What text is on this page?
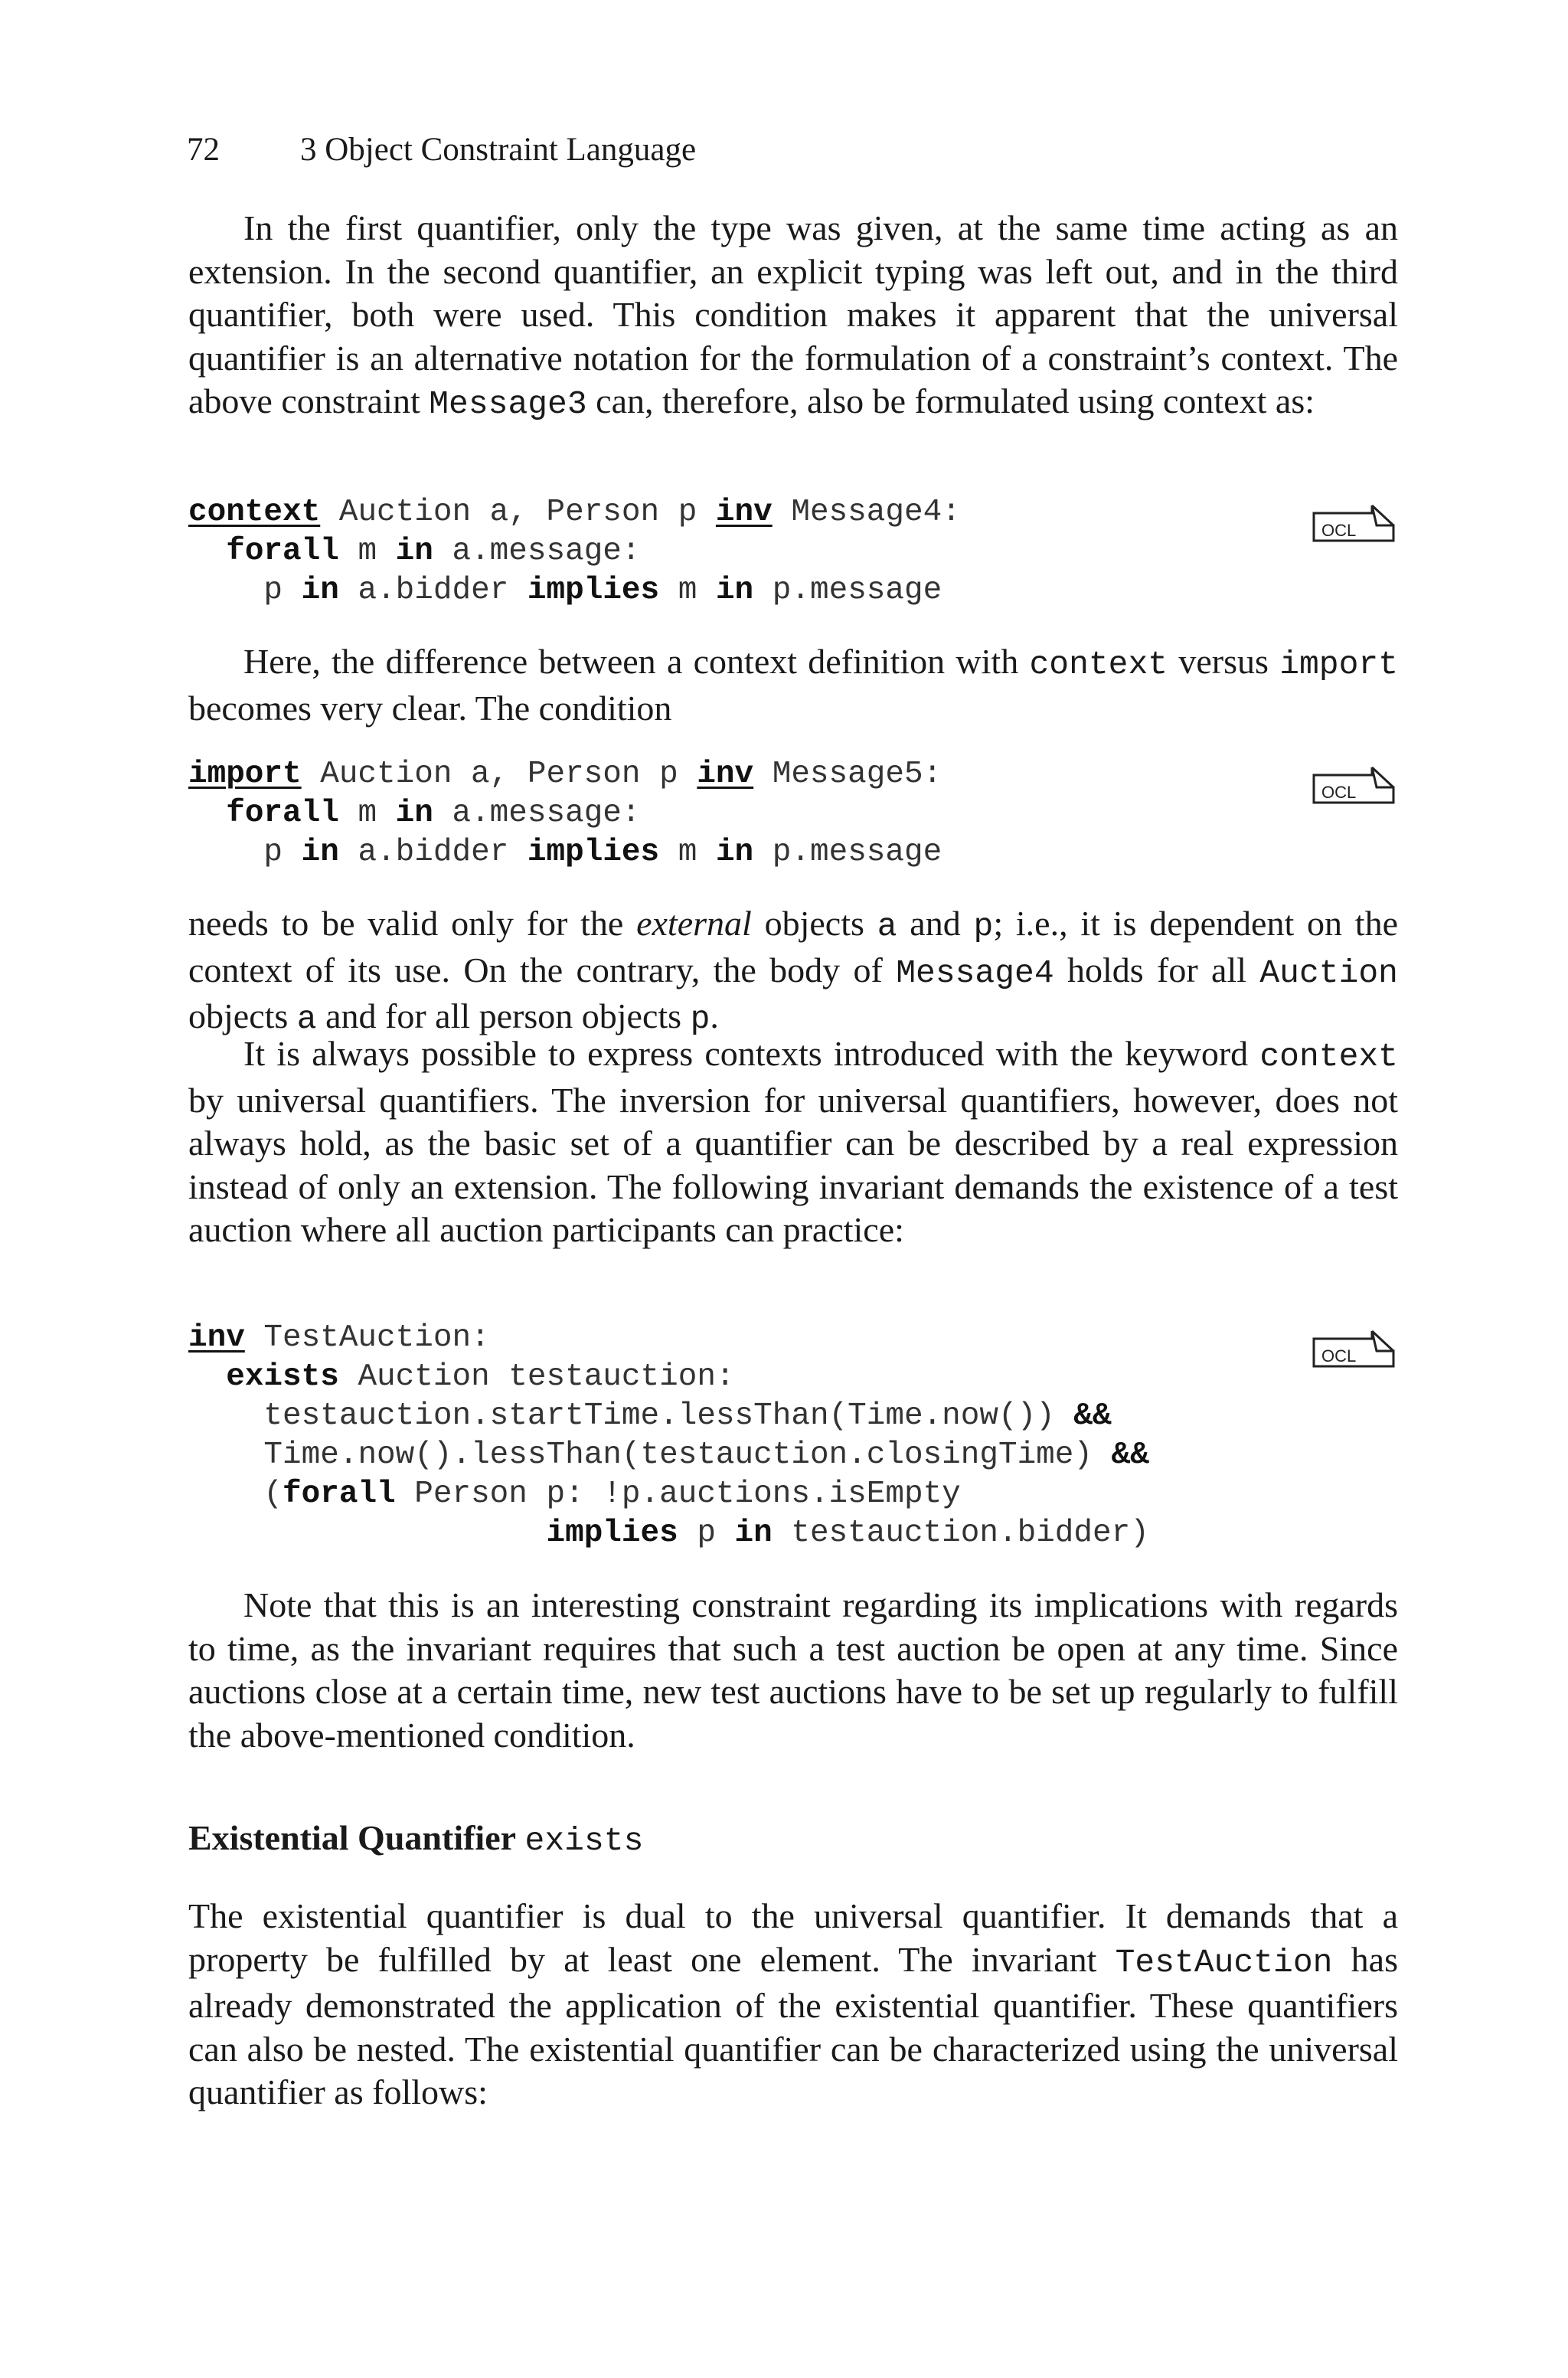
72 3 Object Constraint Language

In the first quantifier, only the type was given, at the same time acting as an extension. In the second quantifier, an explicit typing was left out, and in the third quantifier, both were used. This condition makes it apparent that the universal quantifier is an alternative notation for the formulation of a constraint’s context. The above constraint Message3 can, therefore, also be formulated using context as:

context Auction a, Person p inv Message4:
forall m in a.message:
p in a.bidder implies m in p.message
OCL

Here, the difference between a context definition with context versus import becomes very clear. The condition

import Auction a, Person p inv Message5:
forall m in a.message:
p in a.bidder implies m in p.message
OCL

needs to be valid only for the external objects a and p; i.e., it is dependent on the context of its use. On the contrary, the body of Message4 holds for all Auction objects a and for all person objects p.

It is always possible to express contexts introduced with the keyword context by universal quantifiers. The inversion for universal quantifiers, however, does not always hold, as the basic set of a quantifier can be described by a real expression instead of only an extension. The following invariant demands the existence of a test auction where all auction participants can practice:

inv TestAuction:
exists Auction testauction:
testauction.startTime.lessThan(Time.now()) &&
Time.now().lessThan(testauction.closingTime) &&
(forall Person p: !p.auctions.isEmpty
implies p in testauction.bidder)
OCL

Note that this is an interesting constraint regarding its implications with regards to time, as the invariant requires that such a test auction be open at any time. Since auctions close at a certain time, new test auctions have to be set up regularly to fulfill the above-mentioned condition.

Existential Quantifier exists

The existential quantifier is dual to the universal quantifier. It demands that a property be fulfilled by at least one element. The invariant TestAuction has already demonstrated the application of the existential quantifier. These quantifiers can also be nested. The existential quantifier can be characterized using the universal quantifier as follows:
